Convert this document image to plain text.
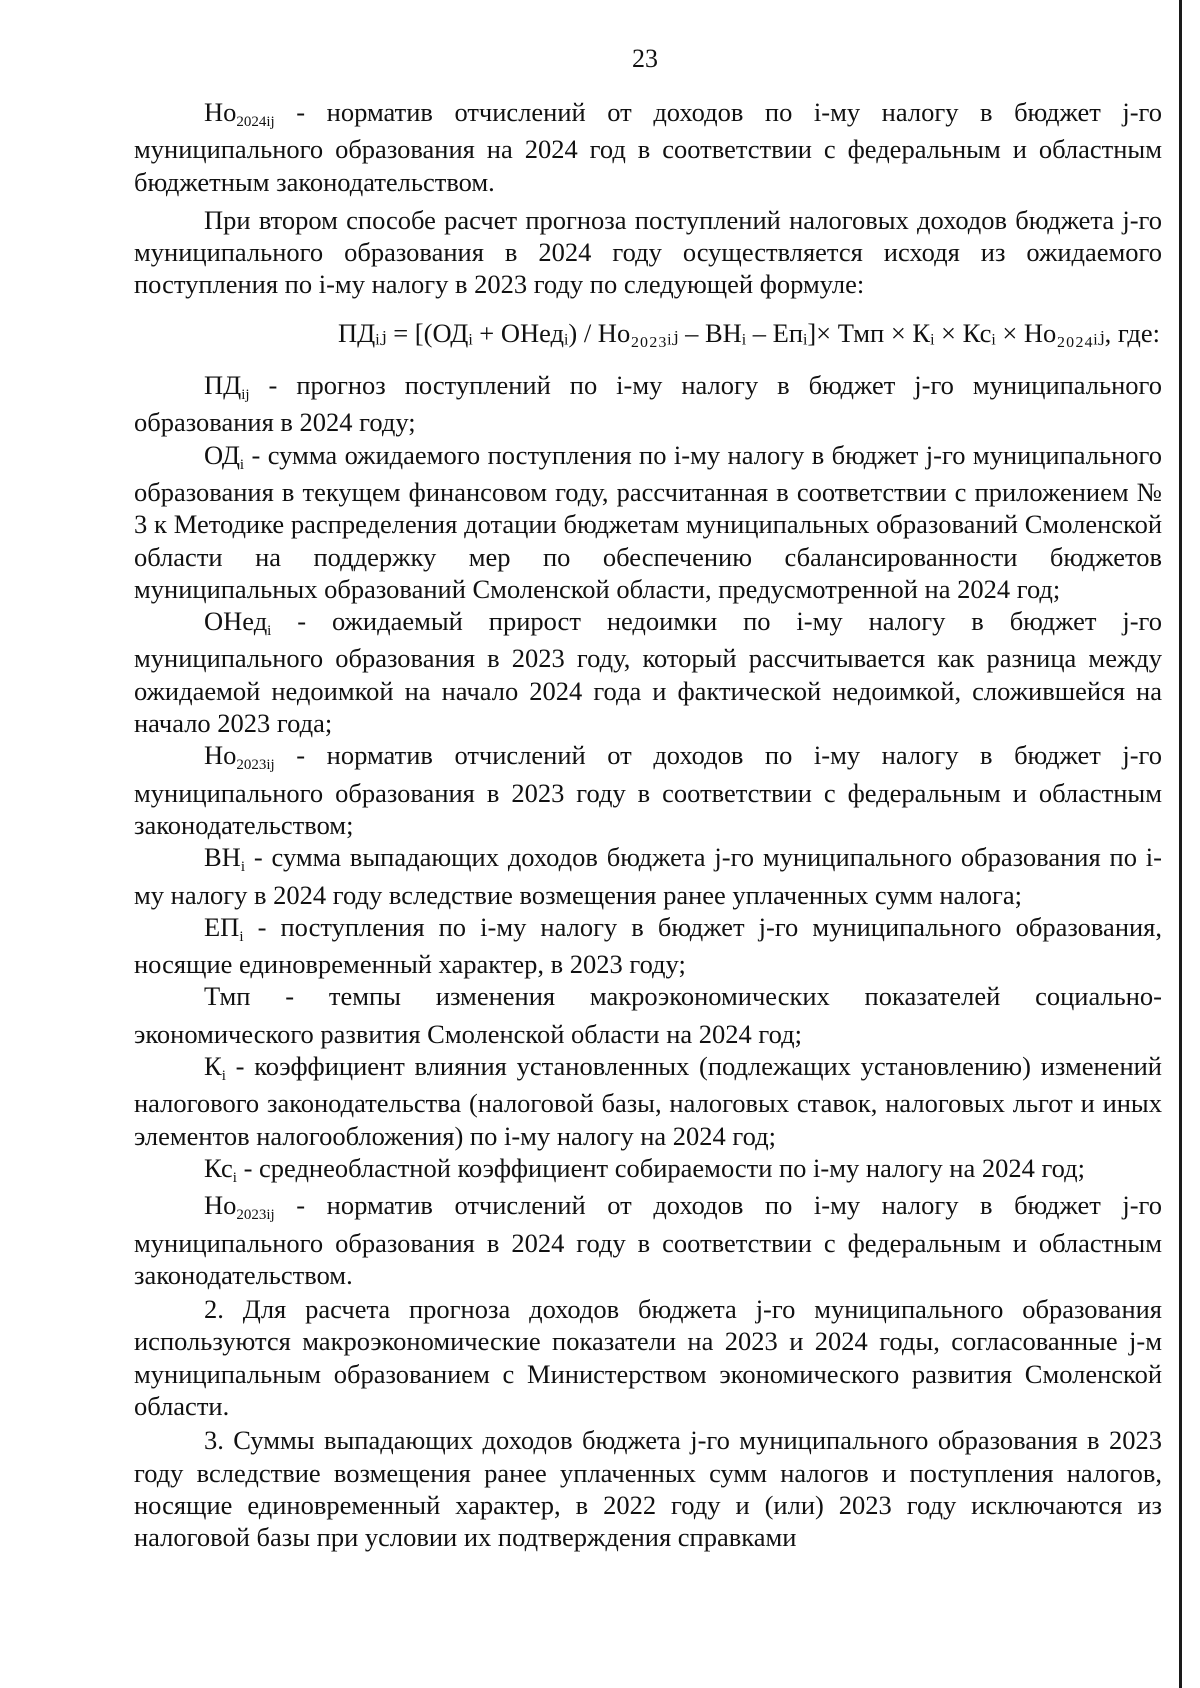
23

Но2024ij - норматив отчислений от доходов по i-му налогу в бюджет j-го муниципального образования на 2024 год в соответствии с федеральным и областным бюджетным законодательством.

При втором способе расчет прогноза поступлений налоговых доходов бюджета j-го муниципального образования в 2024 году осуществляется исходя из ожидаемого поступления по i-му налогу в 2023 году по следующей формуле:

ПДᵢⱼ = [(ОДᵢ + ОНедᵢ) / Но₂₀₂₃ᵢⱼ – ВНᵢ – Епᵢ]× Тмп × Кᵢ × Ксᵢ × Но₂₀₂₄ᵢⱼ, где:

ПДij - прогноз поступлений по i-му налогу в бюджет j-го муниципального образования в 2024 году;

ОДi - сумма ожидаемого поступления по i-му налогу в бюджет j-го муниципального образования в текущем финансовом году, рассчитанная в соответствии с приложением № 3 к Методике распределения дотации бюджетам муниципальных образований Смоленской области на поддержку мер по обеспечению сбалансированности бюджетов муниципальных образований Смоленской области, предусмотренной на 2024 год;

ОНедi - ожидаемый прирост недоимки по i-му налогу в бюджет j-го муниципального образования в 2023 году, который рассчитывается как разница между ожидаемой недоимкой на начало 2024 года и фактической недоимкой, сложившейся на начало 2023 года;

Но2023ij - норматив отчислений от доходов по i-му налогу в бюджет j-го муниципального образования в 2023 году в соответствии с федеральным и областным законодательством;

ВНi - сумма выпадающих доходов бюджета j-го муниципального образования по i-му налогу в 2024 году вследствие возмещения ранее уплаченных сумм налога;

ЕПi - поступления по i-му налогу в бюджет j-го муниципального образования, носящие единовременный характер, в 2023 году;

Тмп - темпы изменения макроэкономических показателей социально-экономического развития Смоленской области на 2024 год;

Кi - коэффициент влияния установленных (подлежащих установлению) изменений налогового законодательства (налоговой базы, налоговых ставок, налоговых льгот и иных элементов налогообложения) по i-му налогу на 2024 год;

Ксi - среднеобластной коэффициент собираемости по i-му налогу на 2024 год;

Но2023ij - норматив отчислений от доходов по i-му налогу в бюджет j-го муниципального образования в 2024 году в соответствии с федеральным и областным законодательством.

2. Для расчета прогноза доходов бюджета j-го муниципального образования используются макроэкономические показатели на 2023 и 2024 годы, согласованные j-м муниципальным образованием с Министерством экономического развития Смоленской области.

3. Суммы выпадающих доходов бюджета j-го муниципального образования в 2023 году вследствие возмещения ранее уплаченных сумм налогов и поступления налогов, носящие единовременный характер, в 2022 году и (или) 2023 году исключаются из налоговой базы при условии их подтверждения справками
